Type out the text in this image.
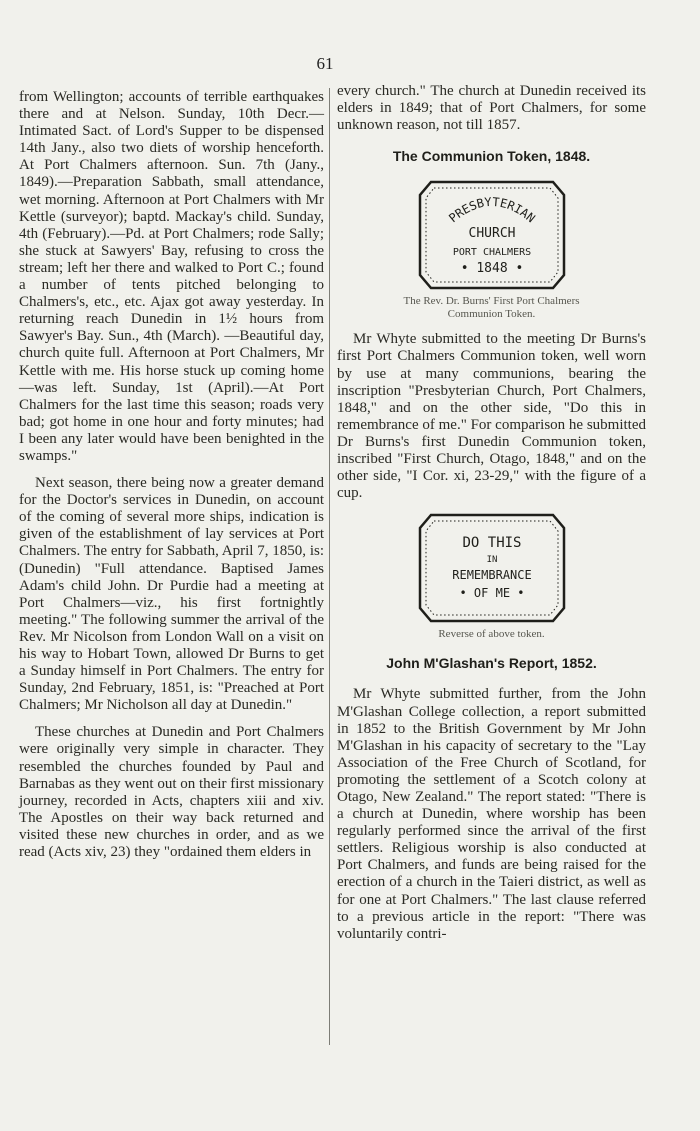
61

from Wellington; accounts of terrible earthquakes there and at Nelson. Sunday, 10th Decr.—Intimated Sact. of Lord's Supper to be dispensed 14th Jany., also two diets of worship henceforth. At Port Chalmers afternoon. Sun. 7th (Jany., 1849).—Preparation Sabbath, small attendance, wet morning. Afternoon at Port Chalmers with Mr Kettle (surveyor); baptd. Mackay's child. Sunday, 4th (February).—Pd. at Port Chalmers; rode Sally; she stuck at Sawyers' Bay, refusing to cross the stream; left her there and walked to Port C.; found a number of tents pitched belonging to Chalmers's, etc., etc. Ajax got away yesterday. In returning reach Dunedin in 1½ hours from Sawyer's Bay. Sun., 4th (March). —Beautiful day, church quite full. Afternoon at Port Chalmers, Mr Kettle with me. His horse stuck up coming home—was left. Sunday, 1st (April).—At Port Chalmers for the last time this season; roads very bad; got home in one hour and forty minutes; had I been any later would have been benighted in the swamps."

Next season, there being now a greater demand for the Doctor's services in Dunedin, on account of the coming of several more ships, indication is given of the establishment of lay services at Port Chalmers. The entry for Sabbath, April 7, 1850, is: (Dunedin) "Full attendance. Baptised James Adam's child John. Dr Purdie had a meeting at Port Chalmers—viz., his first fortnightly meeting." The following summer the arrival of the Rev. Mr Nicolson from London Wall on a visit on his way to Hobart Town, allowed Dr Burns to get a Sunday himself in Port Chalmers. The entry for Sunday, 2nd February, 1851, is: "Preached at Port Chalmers; Mr Nicholson all day at Dunedin."

These churches at Dunedin and Port Chalmers were originally very simple in character. They resembled the churches founded by Paul and Barnabas as they went out on their first missionary journey, recorded in Acts, chapters xiii and xiv. The Apostles on their way back returned and visited these new churches in order, and as we read (Acts xiv, 23) they "ordained them elders in

every church." The church at Dunedin received its elders in 1849; that of Port Chalmers, for some unknown reason, not till 1857.

The Communion Token, 1848.
PRESBYTERIAN
CHURCH
PORT CHALMERS
• 1848 •
The Rev. Dr. Burns' First Port Chalmers
Communion Token.

Mr Whyte submitted to the meeting Dr Burns's first Port Chalmers Communion token, well worn by use at many communions, bearing the inscription "Presbyterian Church, Port Chalmers, 1848," and on the other side, "Do this in remembrance of me." For comparison he submitted Dr Burns's first Dunedin Communion token, inscribed "First Church, Otago, 1848," and on the other side, "I Cor. xi, 23-29," with the figure of a cup.

DO THIS
IN
REMEMBRANCE
• OF ME •
Reverse of above token.
John M'Glashan's Report, 1852.

Mr Whyte submitted further, from the John M'Glashan College collection, a report submitted in 1852 to the British Government by Mr John M'Glashan in his capacity of secretary to the "Lay Association of the Free Church of Scotland, for promoting the settlement of a Scotch colony at Otago, New Zealand." The report stated: "There is a church at Dunedin, where worship has been regularly performed since the arrival of the first settlers. Religious worship is also conducted at Port Chalmers, and funds are being raised for the erection of a church in the Taieri district, as well as for one at Port Chalmers." The last clause referred to a previous article in the report: "There was voluntarily contri-
